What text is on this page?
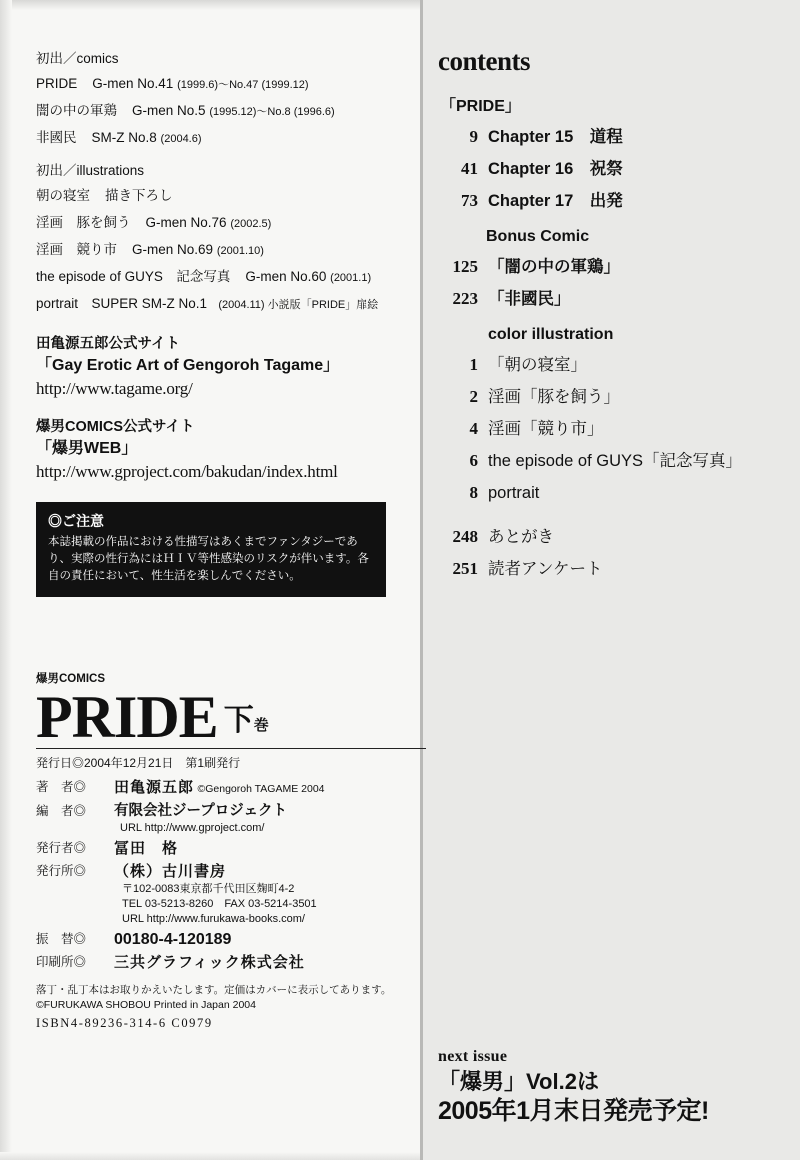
初出／comics
PRIDE G-men No.41 (1999.6)〜No.47 (1999.12)
闇の中の軍鶏 G-men No.5 (1995.12)〜No.8 (1996.6)
非國民 SM-Z No.8 (2004.6)
初出／illustrations
朝の寝室 描き下ろし
淫画　豚を飼う G-men No.76 (2002.5)
淫画　競り市 G-men No.69 (2001.10)
the episode of GUYS　記念写真 G-men No.60 (2001.1)
portrait　SUPER SM-Z No.1 (2004.11) 小説版「PRIDE」扉絵
田亀源五郎公式サイト
「Gay Erotic Art of Gengoroh Tagame」
http://www.tagame.org/
爆男COMICS公式サイト
「爆男WEB」
http://www.gproject.com/bakudan/index.html
◎ご注意
本誌掲載の作品における性描写はあくまでファンタジーであり、実際の性行為にはＨＩＶ等性感染のリスクが伴います。各自の責任において、性生活を楽しんでください。
爆男COMICS
PRIDE 下巻
発行日◎2004年12月21日　第1刷発行
著　者◎	田亀源五郎 ©Gengoroh TAGAME 2004
編　者◎	有限会社ジープロジェクト
URL http://www.gproject.com/
発行者◎	冨田　格
発行所◎	（株）古川書房
〒102-0083東京都千代田区麹町4-2
TEL 03-5213-8260　FAX 03-5214-3501
URL http://www.furukawa-books.com/
振　替◎	00180-4-120189
印刷所◎	三共グラフィック株式会社
落丁・乱丁本はお取りかえいたします。定価はカバーに表示してあります。
©FURUKAWA SHOBOU Printed in Japan 2004
ISBN4-89236-314-6 C0979
contents
「PRIDE」
9 Chapter 15　道程
41 Chapter 16　祝祭
73 Chapter 17　出発
Bonus Comic
125 「闇の中の軍鶏」
223 「非國民」
color illustration
1 「朝の寝室」
2 淫画「豚を飼う」
4 淫画「競り市」
6 the episode of GUYS「記念写真」
8 portrait
248 あとがき
251 読者アンケート
next issue
「爆男」Vol.2は
2005年1月末日発売予定!
